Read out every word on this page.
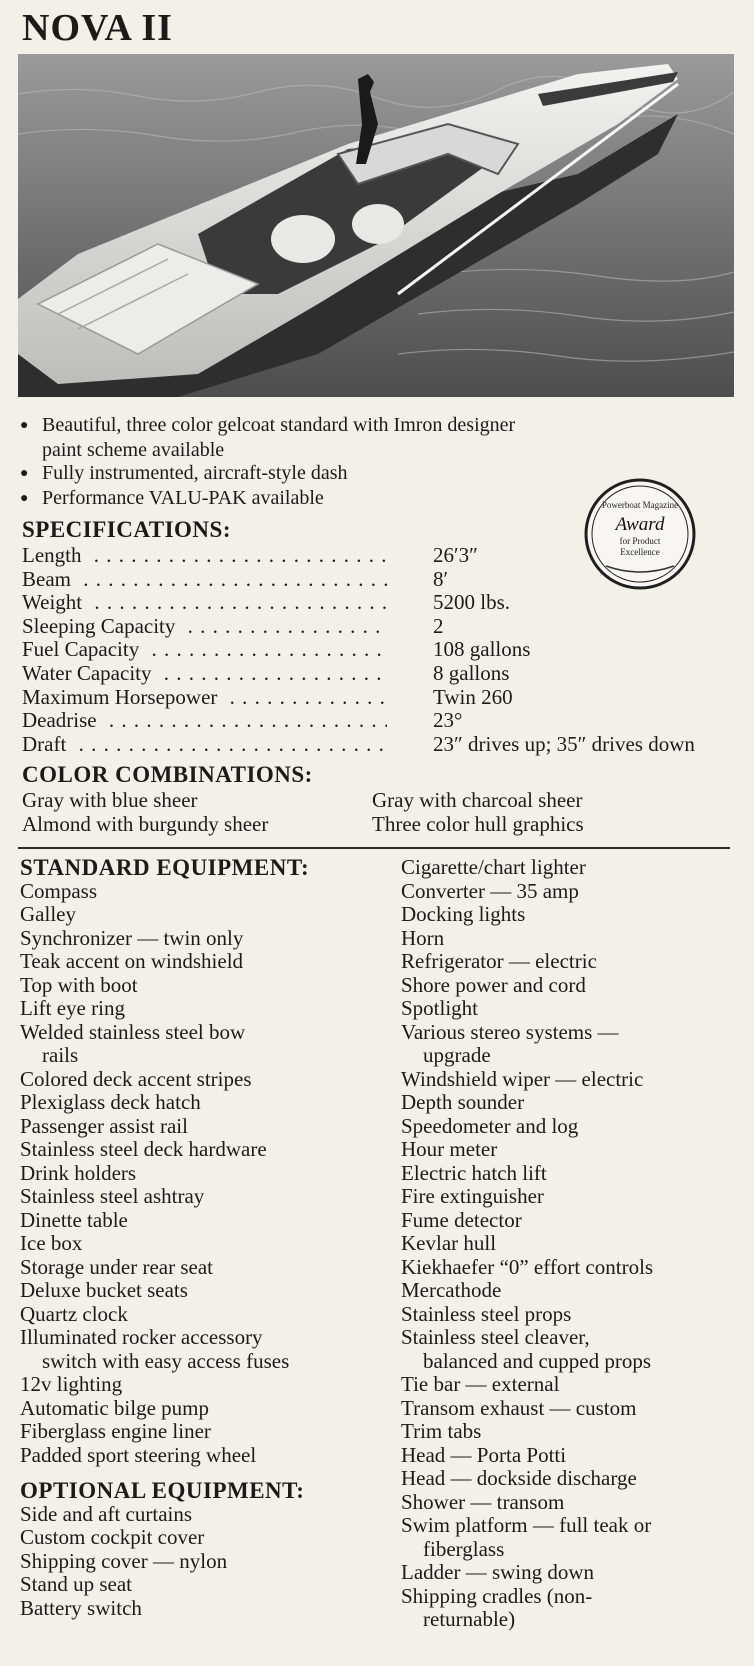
NOVA II
●
Beautiful, three color gelcoat standard with Imron designer
paint scheme available
●
Fully instrumented, aircraft-style dash
●
Performance VALU-PAK available	Powerboat Magazine
Award
for Product
Excellence
SPECIFICATIONS:
Length . . .	26′3″
Beam . . .	8′
Weight . . .	5200 lbs.
Sleeping Capacity . . .	2
Fuel Capacity . . .	108 gallons
Water Capacity . . .	8 gallons
Maximum Horsepower . . .	Twin 260
Deadrise . . .	23°
Draft . . .	23″ drives up; 35″ drives down
COLOR COMBINATIONS:
Gray with blue sheer	Gray with charcoal sheer
Almond with burgundy sheer	Three color hull graphics
STANDARD EQUIPMENT:
Compass
Galley
Synchronizer — twin only
Teak accent on windshield
Top with boot
Lift eye ring
Welded stainless steel bow
rails
Colored deck accent stripes
Plexiglass deck hatch
Passenger assist rail
Stainless steel deck hardware
Drink holders
Stainless steel ashtray
Dinette table
Ice box
Storage under rear seat
Deluxe bucket seats
Quartz clock
Illuminated rocker accessory
switch with easy access fuses
12v lighting
Automatic bilge pump
Fiberglass engine liner
Padded sport steering wheel
OPTIONAL EQUIPMENT:
Side and aft curtains
Custom cockpit cover
Shipping cover — nylon
Stand up seat
Battery switch
Cigarette/chart lighter
Converter — 35 amp
Docking lights
Horn
Refrigerator — electric
Shore power and cord
Spotlight
Various stereo systems —
upgrade
Windshield wiper — electric
Depth sounder
Speedometer and log
Hour meter
Electric hatch lift
Fire extinguisher
Fume detector
Kevlar hull
Kiekhaefer “0” effort controls
Mercathode
Stainless steel props
Stainless steel cleaver,
balanced and cupped props
Tie bar — external
Transom exhaust — custom
Trim tabs
Head — Porta Potti
Head — dockside discharge
Shower — transom
Swim platform — full teak or
fiberglass
Ladder — swing down
Shipping cradles (non-
returnable)
